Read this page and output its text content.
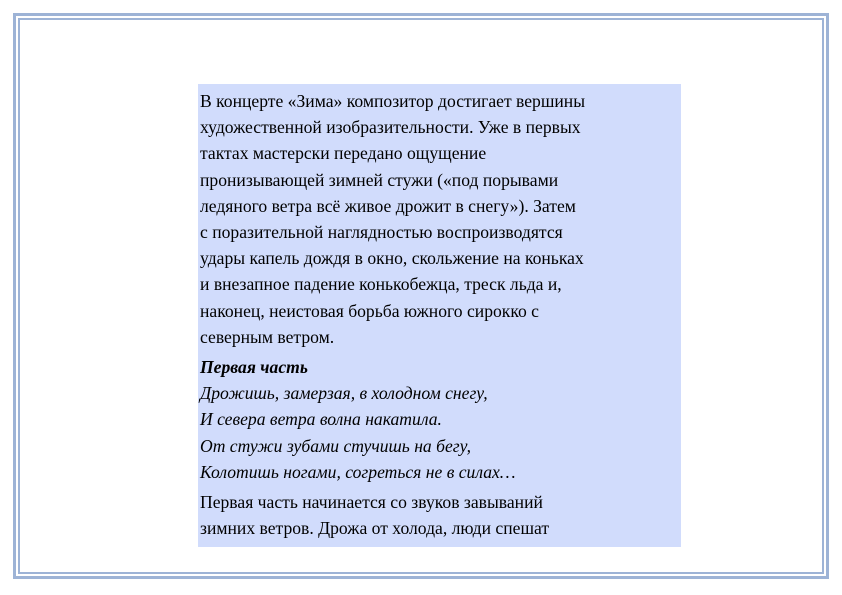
В концерте «Зима» композитор достигает вершины
художественной изобразительности. Уже в первых
тактах мастерски передано ощущение
пронизывающей зимней стужи («под порывами
ледяного ветра всё живое дрожит в снегу»). Затем
с поразительной наглядностью воспроизводятся
удары капель дождя в окно, скольжение на коньках
и внезапное падение конькобежца, треск льда и,
наконец, неистовая борьба южного сирокко с
северным ветром.
Первая часть
Дрожишь, замерзая, в холодном снегу,
И севера ветра волна накатила.
От стужи зубами стучишь на бегу,
Колотишь ногами, согреться не в силах…
Первая часть начинается со звуков завываний
зимних ветров. Дрожа от холода, люди спешат
